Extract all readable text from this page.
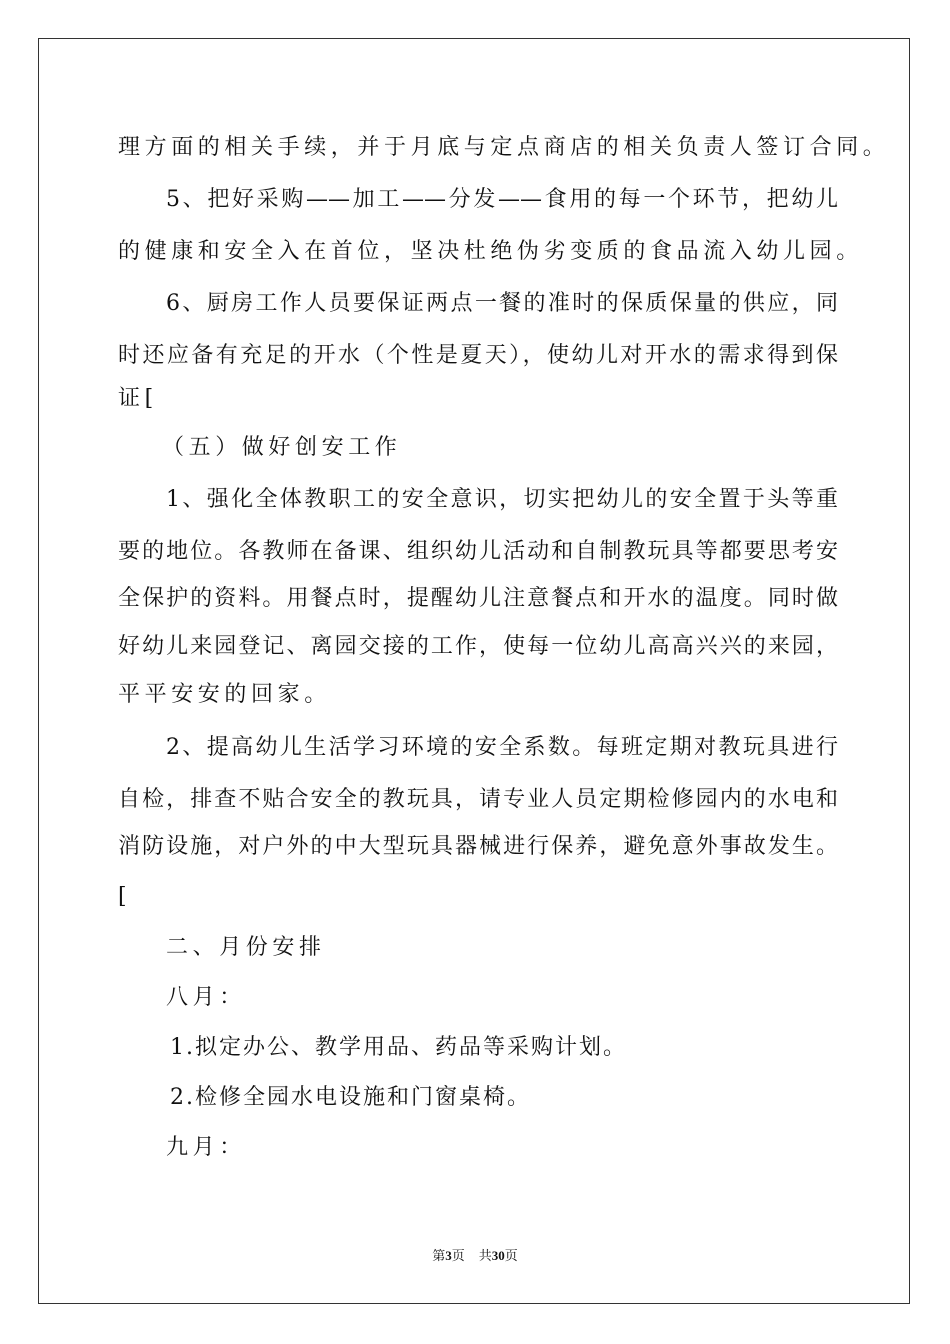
理方面的相关手续，并于月底与定点商店的相关负责人签订合同。
5、把好采购——加工——分发——食用的每一个环节，把幼儿
的健康和安全入在首位，坚决杜绝伪劣变质的食品流入幼儿园。
6、厨房工作人员要保证两点一餐的准时的保质保量的供应，同
时还应备有充足的开水（个性是夏天），使幼儿对开水的需求得到保
证[
（五）做好创安工作
1、强化全体教职工的安全意识，切实把幼儿的安全置于头等重
要的地位。各教师在备课、组织幼儿活动和自制教玩具等都要思考安
全保护的资料。用餐点时，提醒幼儿注意餐点和开水的温度。同时做
好幼儿来园登记、离园交接的工作，使每一位幼儿高高兴兴的来园，
平平安安的回家。
2、提高幼儿生活学习环境的安全系数。每班定期对教玩具进行
自检，排查不贴合安全的教玩具，请专业人员定期检修园内的水电和
消防设施，对户外的中大型玩具器械进行保养，避免意外事故发生。
[
二、月份安排
八月：
1.拟定办公、教学用品、药品等采购计划。
2.检修全园水电设施和门窗桌椅。
九月：
第3页 共30页
